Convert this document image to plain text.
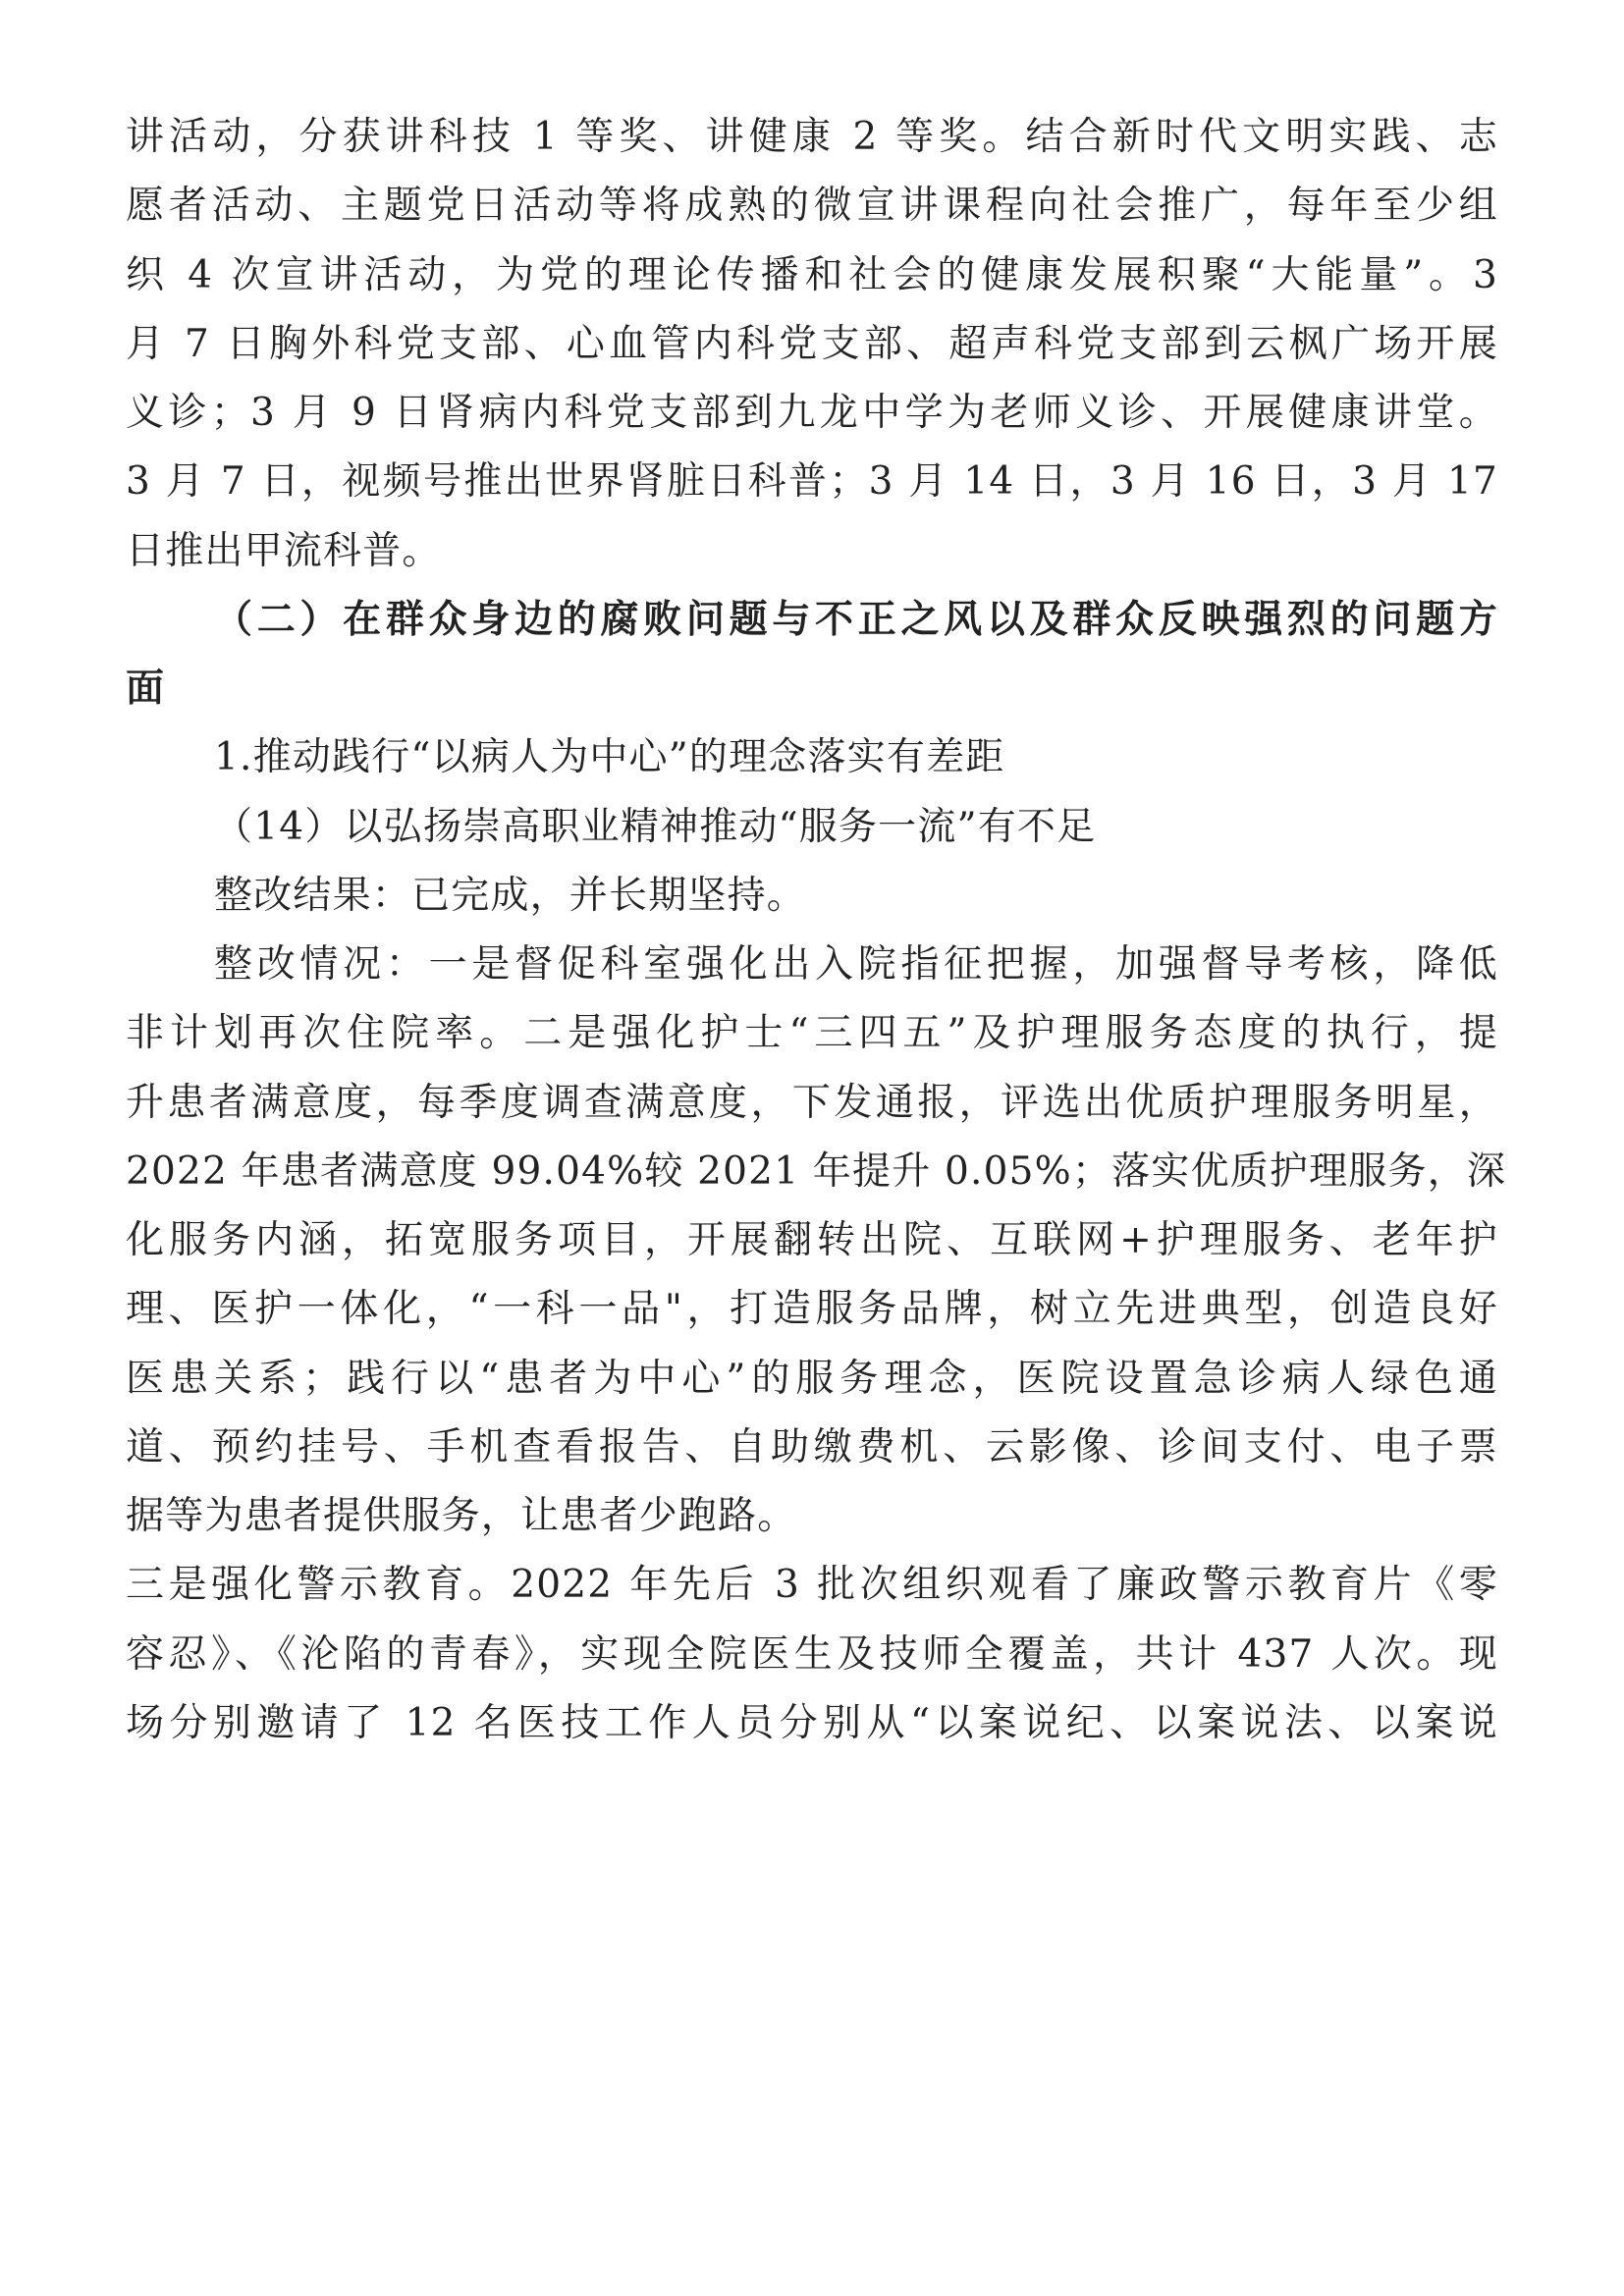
讲活动，分获讲科技 1 等奖、讲健康 2 等奖。结合新时代文明实践、志
愿者活动、主题党日活动等将成熟的微宣讲课程向社会推广，每年至少组
织 4 次宣讲活动，为党的理论传播和社会的健康发展积聚“大能量”。3
月 7 日胸外科党支部、心血管内科党支部、超声科党支部到云枫广场开展
义诊；3 月 9 日肾病内科党支部到九龙中学为老师义诊、开展健康讲堂。
3 月 7 日，视频号推出世界肾脏日科普；3 月 14 日，3 月 16 日，3 月 17
日推出甲流科普。
（二）在群众身边的腐败问题与不正之风以及群众反映强烈的问题方
面
1.推动践行“以病人为中心”的理念落实有差距
（14）以弘扬崇高职业精神推动“服务一流”有不足
整改结果：已完成，并长期坚持。
整改情况：一是督促科室强化出入院指征把握，加强督导考核，降低
非计划再次住院率。二是强化护士“三四五”及护理服务态度的执行，提
升患者满意度，每季度调查满意度，下发通报，评选出优质护理服务明星，
2022 年患者满意度 99.04%较 2021 年提升 0.05%；落实优质护理服务，深
化服务内涵，拓宽服务项目，开展翻转出院、互联网+护理服务、老年护
理、医护一体化，“一科一品"，打造服务品牌，树立先进典型，创造良好
医患关系；践行以“患者为中心”的服务理念，医院设置急诊病人绿色通
道、预约挂号、手机查看报告、自助缴费机、云影像、诊间支付、电子票
据等为患者提供服务，让患者少跑路。
三是强化警示教育。2022 年先后 3 批次组织观看了廉政警示教育片《零
容忍》、《沦陷的青春》，实现全院医生及技师全覆盖，共计 437 人次。现
场分别邀请了 12 名医技工作人员分别从“以案说纪、以案说法、以案说
